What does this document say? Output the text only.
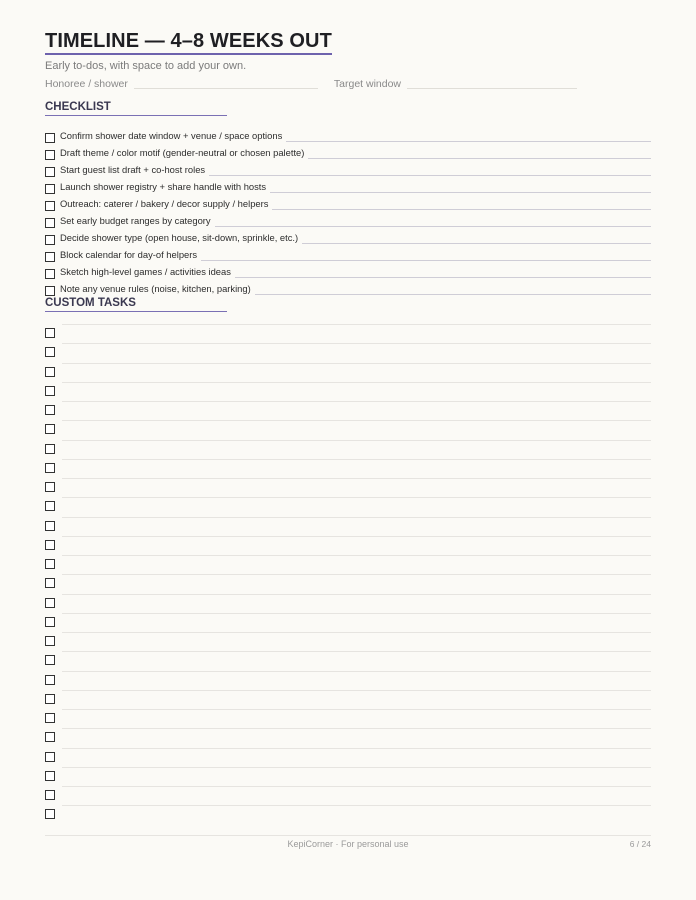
TIMELINE — 4–8 WEEKS OUT
Early to-dos, with space to add your own.
Honoree / shower	Target window
CHECKLIST
Confirm shower date window + venue / space options
Draft theme / color motif (gender-neutral or chosen palette)
Start guest list draft + co-host roles
Launch shower registry + share handle with hosts
Outreach: caterer / bakery / decor supply / helpers
Set early budget ranges by category
Decide shower type (open house, sit-down, sprinkle, etc.)
Block calendar for day-of helpers
Sketch high-level games / activities ideas
Note any venue rules (noise, kitchen, parking)
CUSTOM TASKS
KepiCorner · For personal use	6 / 24
